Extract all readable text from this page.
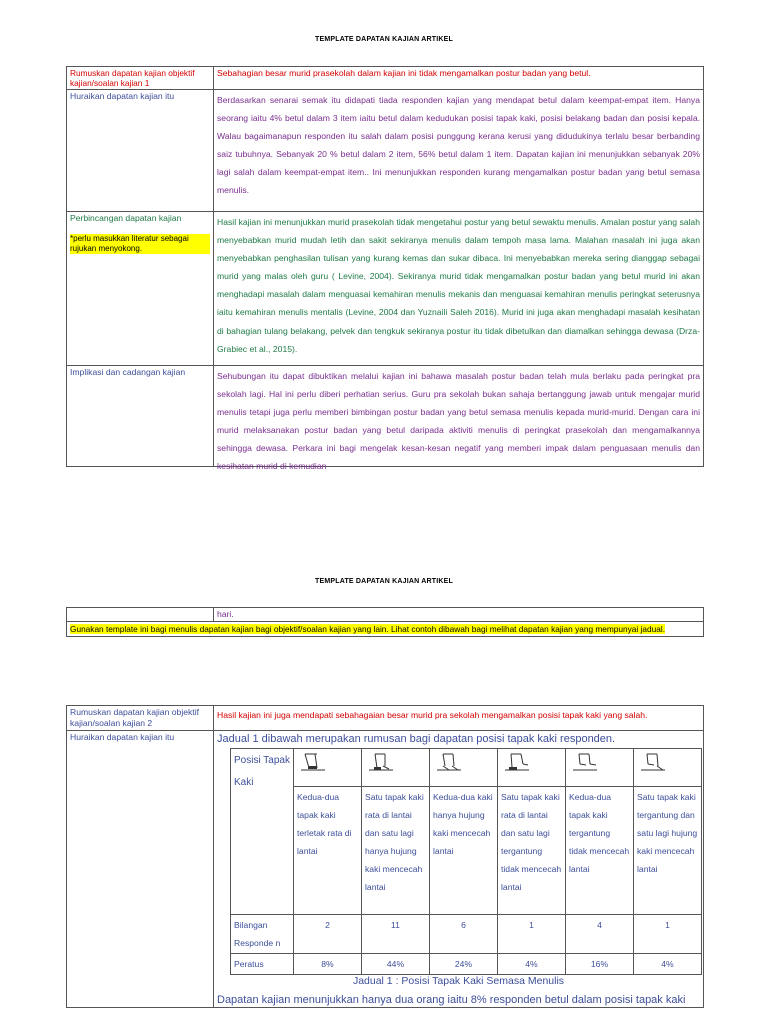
TEMPLATE DAPATAN KAJIAN ARTIKEL
Rumuskan dapatan kajian objektif kajian/soalan kajian 1	Sebahagian besar murid prasekolah dalam kajian ini tidak mengamalkan postur badan yang betul.
Huraikan dapatan kajian itu	Berdasarkan senarai semak itu didapati tiada responden kajian yang mendapat betul dalam keempat-empat item. Hanya seorang iaitu 4% betul dalam 3 item iaitu betul dalam kedudukan posisi tapak kaki, posisi belakang badan dan posisi kepala. Walau bagaimanapun responden itu salah dalam posisi punggung kerana kerusi yang didudukinya terlalu besar berbanding saiz tubuhnya. Sebanyak 20 % betul dalam 2 item, 56% betul dalam 1 item. Dapatan kajian ini menunjukkan sebanyak 20% lagi salah dalam keempat-empat item.. Ini menunjukkan responden kurang mengamalkan postur badan yang betul semasa menulis.
Perbincangan dapatan kajian
*perlu masukkan literatur sebagai rujukan menyokong.	Hasil kajian ini menunjukkan murid prasekolah tidak mengetahui postur yang betul sewaktu menulis. Amalan postur yang salah menyebabkan murid mudah letih dan sakit sekiranya menulis dalam tempoh masa lama. Malahan masalah ini juga akan menyebabkan penghasilan tulisan yang kurang kemas dan sukar dibaca. Ini menyebabkan mereka sering dianggap sebagai murid yang malas oleh guru ( Levine, 2004). Sekiranya murid tidak mengamalkan postur badan yang betul murid ini akan menghadapi masalah dalam menguasai kemahiran menulis mekanis dan menguasai kemahiran menulis peringkat seterusnya iaitu kemahiran menulis mentalis (Levine, 2004 dan Yuznaili Saleh 2016). Murid ini juga akan menghadapi masalah kesihatan di bahagian tulang belakang, pelvek dan tengkuk sekiranya postur itu tidak dibetulkan dan diamalkan sehingga dewasa (Drza-Grabiec et al., 2015).
Implikasi dan cadangan kajian	Sehubungan itu dapat dibuktikan melalui kajian ini bahawa masalah postur badan telah mula berlaku pada peringkat pra sekolah lagi. Hal ini perlu diberi perhatian serius. Guru pra sekolah bukan sahaja bertanggung jawab untuk mengajar murid menulis tetapi juga perlu memberi bimbingan postur badan yang betul semasa menulis kepada murid-murid. Dengan cara ini murid melaksanakan postur badan yang betul daripada aktiviti menulis di peringkat prasekolah dan mengamalkannya sehingga dewasa. Perkara ini bagi mengelak kesan-kesan negatif yang memberi impak dalam penguasaan menulis dan kesihatan murid di kemudian
TEMPLATE DAPATAN KAJIAN ARTIKEL
	hari.
Gunakan template ini bagi menulis dapatan kajian bagi objektif/soalan kajian yang lain. Lihat contoh dibawah bagi melihat dapatan kajian yang mempunyai jadual.
Rumuskan dapatan kajian objektif kajian/soalan kajian 2	Hasil kajian ini juga mendapati sebahagaian besar murid pra sekolah mengamalkan posisi tapak kaki yang salah.
Huraikan dapatan kajian itu	Jadual 1 dibawah merupakan rumusan bagi dapatan posisi tapak kaki responden.
Posisi Tapak Kaki						
Kedua-dua tapak kaki terletak rata di lantai	Satu tapak kaki rata di lantai dan satu lagi hanya hujung kaki mencecah lantai	Kedua-dua kaki hanya hujung kaki mencecah lantai	Satu tapak kaki rata di lantai dan satu lagi tergantung tidak mencecah lantai	Kedua-dua tapak kaki tergantung tidak mencecah lantai	Satu tapak kaki tergantung dan satu lagi hujung kaki mencecah lantai
Bilangan Responde n	2	11	6	1	4	1
Peratus	8%	44%	24%	4%	16%	4%
Jadual 1 : Posisi Tapak Kaki Semasa Menulis
Dapatan kajian menunjukkan hanya dua orang iaitu 8% responden betul dalam posisi tapak kaki
